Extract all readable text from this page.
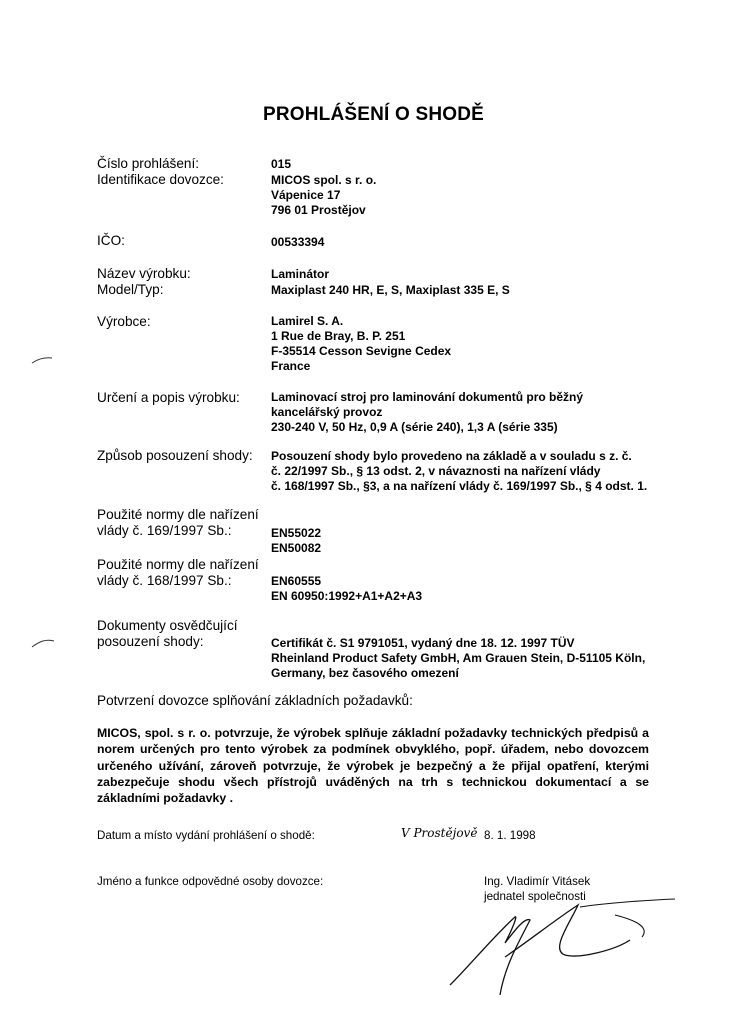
PROHLÁŠENÍ O SHODĚ
Číslo prohlášení:	015
Identifikace dovozce:	MICOS spol. s r. o.
Vápenice 17
796 01 Prostějov
IČO:	00533394
Název výrobku:	Laminátor
Model/Typ:	Maxiplast 240 HR, E, S, Maxiplast 335 E, S
Výrobce:	Lamirel S. A.
1 Rue de Bray, B. P. 251
F-35514 Cesson Sevigne Cedex
France
Určení a popis výrobku:	Laminovací stroj pro laminování dokumentů pro běžný
kancelářský provoz
230-240 V, 50 Hz, 0,9 A (série 240), 1,3 A (série 335)
Způsob posouzení shody: Posouzení shody bylo provedeno na základě a v souladu s z. č.
č. 22/1997 Sb., § 13 odst. 2, v návaznosti na nařízení vlády
č. 168/1997 Sb., §3, a na nařízení vlády č. 169/1997 Sb., § 4 odst. 1.
Použité normy dle nařízení
vlády č. 169/1997 Sb.:	EN55022
EN50082
Použité normy dle nařízení
vlády č. 168/1997 Sb.:	EN60555
EN 60950:1992+A1+A2+A3
Dokumenty osvědčující
posouzení shody:	Certifikát č. S1 9791051, vydaný dne 18. 12. 1997 TÜV
Rheinland Product Safety GmbH, Am Grauen Stein, D-51105 Köln,
Germany, bez časového omezení
Potvrzení dovozce splňování základních požadavků:
MICOS, spol. s r. o. potvrzuje, že výrobek splňuje základní požadavky technických předpisů a norem určených pro tento výrobek za podmínek obvyklého, popř. úřadem, nebo dovozcem určeného užívání, zároveň potvrzuje, že výrobek je bezpečný a že přijal opatření, kterými zabezpečuje shodu všech přístrojů uváděných na trh s technickou dokumentací a se základními požadavky .
Datum a místo vydání prohlášení o shodě:	V Prostějově 8. 1. 1998
Jméno a funkce odpovědné osoby dovozce:	Ing. Vladimír Vitásek
jednatel společnosti
